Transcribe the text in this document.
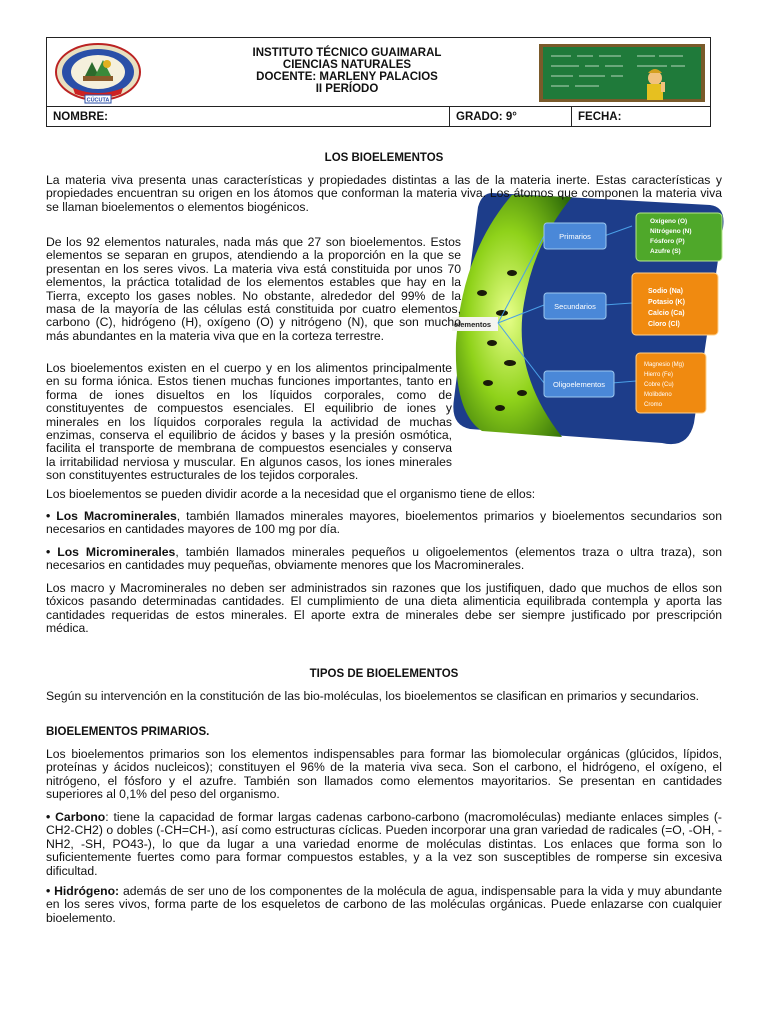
CÚCUTA
INSTITUTO TÉCNICO GUAIMARAL
CIENCIAS NATURALES
DOCENTE: MARLENY PALACIOS
II PERÍODO
NOMBRE:	GRADO: 9°	FECHA:
LOS BIOELEMENTOS
elementos
Primarios
Secundarios
Oligoelementos
Oxígeno (O)
Nitrógeno (N)
Fósforo (P)
Azufre (S)
Sodio (Na)
Potasio (K)
Calcio (Ca)
Cloro (Cl)
Magnesio (Mg)
Hierro (Fe)
Cobre (Cu)
Molibdeno
Cromo
La materia viva presenta unas características y propiedades distintas a las de la materia inerte. Estas características y propiedades encuentran su origen en los átomos que conforman la materia viva. Los átomos que componen la materia viva se llaman bioelementos o elementos biogénicos.
De los 92 elementos naturales, nada más que 27 son bioelementos. Estos elementos se separan en grupos, atendiendo a la proporción en la que se presentan en los seres vivos. La materia viva está constituida por unos 70 elementos, la práctica totalidad de los elementos estables que hay en la Tierra, excepto los gases nobles. No obstante, alrededor del 99% de la masa de la mayoría de las células está constituida por cuatro elementos, carbono (C), hidrógeno (H), oxígeno (O) y nitrógeno (N), que son mucho más abundantes en la materia viva que en la corteza terrestre.
Los bioelementos existen en el cuerpo y en los alimentos principalmente en su forma iónica. Estos tienen muchas funciones importantes, tanto en forma de iones disueltos en los líquidos corporales, como de constituyentes de compuestos esenciales. El equilibrio de iones y minerales en los líquidos corporales regula la actividad de muchas enzimas, conserva el equilibrio de ácidos y bases y la presión osmótica, facilita el transporte de membrana de compuestos esenciales y conserva la irritabilidad nerviosa y muscular. En algunos casos, los iones minerales son constituyentes estructurales de los tejidos corporales.
Los bioelementos se pueden dividir acorde a la necesidad que el organismo tiene de ellos:
• Los Macrominerales, también llamados minerales mayores, bioelementos primarios y bioelementos secundarios son necesarios en cantidades mayores de 100 mg por día.
• Los Microminerales, también llamados minerales pequeños u oligoelementos (elementos traza o ultra traza), son necesarios en cantidades muy pequeñas, obviamente menores que los Macrominerales.
Los macro y Macrominerales no deben ser administrados sin razones que los justifiquen, dado que muchos de ellos son tóxicos pasando determinadas cantidades. El cumplimiento de una dieta alimenticia equilibrada contempla y aporta las cantidades requeridas de estos minerales. El aporte extra de minerales debe ser siempre justificado por prescripción médica.
TIPOS DE BIOELEMENTOS
Según su intervención en la constitución de las bio-moléculas, los bioelementos se clasifican en primarios y secundarios.
BIOELEMENTOS PRIMARIOS.
Los bioelementos primarios son los elementos indispensables para formar las biomolecular orgánicas (glúcidos, lípidos, proteínas y ácidos nucleicos); constituyen el 96% de la materia viva seca. Son el carbono, el hidrógeno, el oxígeno, el nitrógeno, el fósforo y el azufre. También son llamados como elementos mayoritarios. Se presentan en cantidades superiores al 0,1% del peso del organismo.
• Carbono: tiene la capacidad de formar largas cadenas carbono-carbono (macromoléculas) mediante enlaces simples (-CH2-CH2) o dobles (-CH=CH-), así como estructuras cíclicas. Pueden incorporar una gran variedad de radicales (=O, -OH, -NH2, -SH, PO43-), lo que da lugar a una variedad enorme de moléculas distintas. Los enlaces que forma son lo suficientemente fuertes como para formar compuestos estables, y a la vez son susceptibles de romperse sin excesiva dificultad.
• Hidrógeno: además de ser uno de los componentes de la molécula de agua, indispensable para la vida y muy abundante en los seres vivos, forma parte de los esqueletos de carbono de las moléculas orgánicas. Puede enlazarse con cualquier bioelemento.
